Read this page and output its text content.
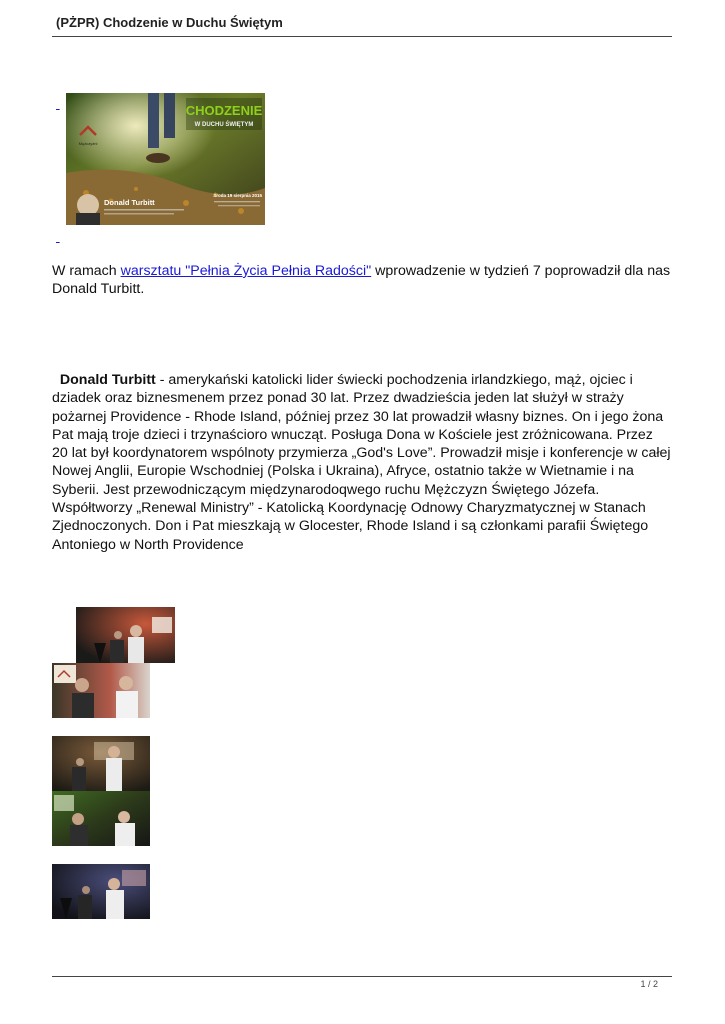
(PŻPR) Chodzenie w Duchu Świętym

CHODZENIE
W DUCHU ŚWIĘTYM
Mężczyźni
Donald Turbitt
Środa 19 sierpnia 2015

W ramach warsztatu "Pełnia Życia Pełnia Radości" wprowadzenie w tydzień 7 poprowadził dla nas Donald Turbitt.
Donald Turbitt - amerykański katolicki lider świecki pochodzenia irlandzkiego, mąż, ojciec i dziadek oraz biznesmenem przez ponad 30 lat. Przez dwadzieścia jeden lat służył w straży pożarnej Providence - Rhode Island, później przez 30 lat prowadził własny biznes. On i jego żona Pat mają troje dzieci i trzynaścioro wnucząt. Posługa Dona w Kościele jest zróżnicowana. Przez 20 lat był koordynatorem wspólnoty przymierza „God's Love”. Prowadził misje i konferencje w całej Nowej Anglii, Europie Wschodniej (Polska i Ukraina), Afryce, ostatnio także w Wietnamie i na Syberii. Jest przewodniczącym międzynarodoqwego ruchu Mężczyzn Świętego Józefa.
Współtworzy „Renewal Ministry” - Katolicką Koordynację Odnowy Charyzmatycznej w Stanach Zjednoczonych. Don i Pat mieszkają w Glocester, Rhode Island i są członkami parafii Świętego Antoniego w North Providence
1 / 2
